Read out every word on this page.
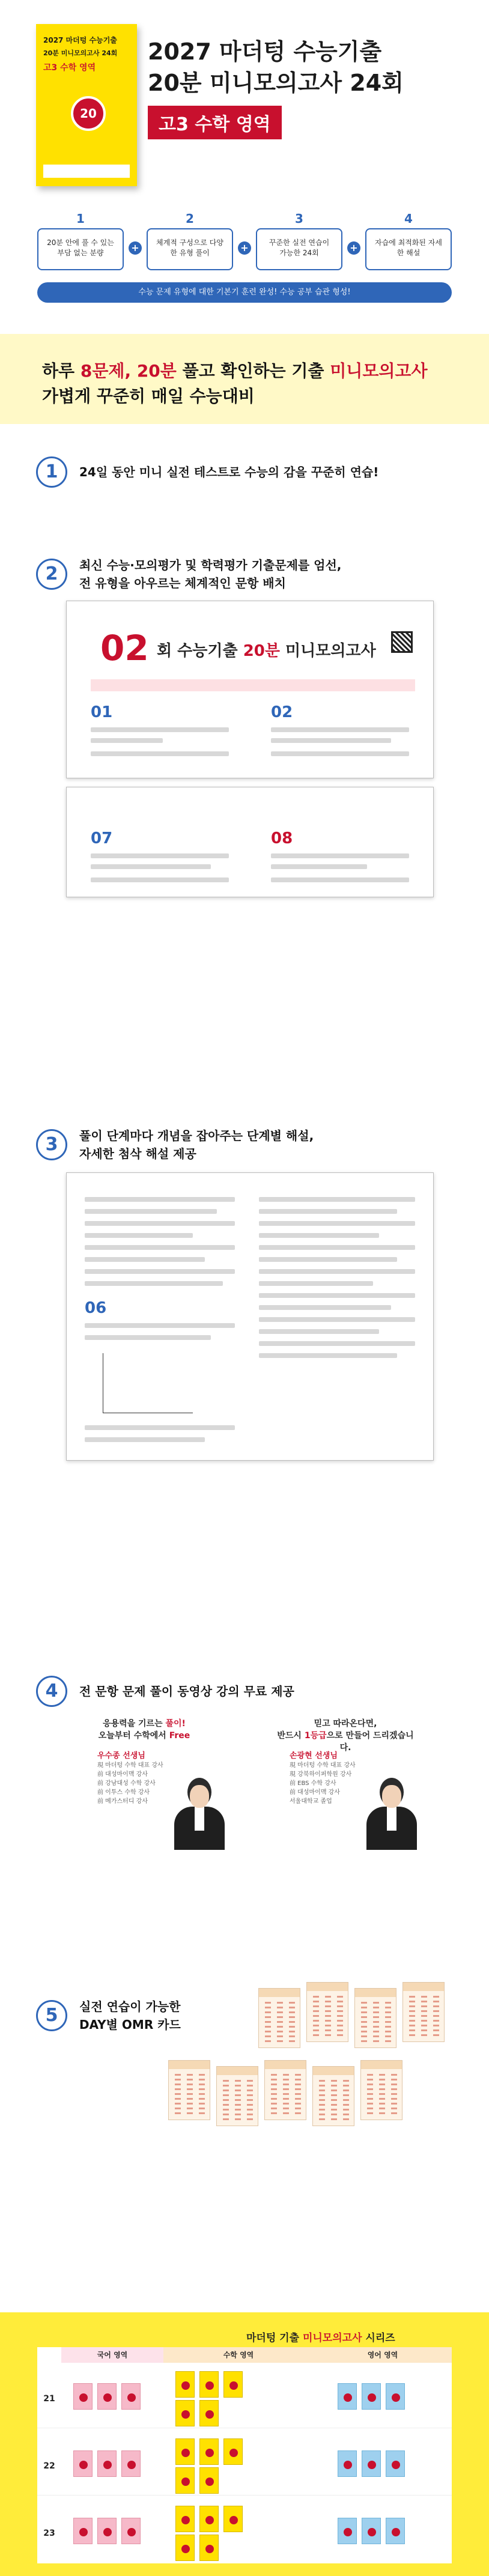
2027 마더텅 수능기출
20분 미니모의고사 24회
고3 수학 영역
20
2027 마더텅 수능기출
20분 미니모의고사 24회
고3 수학 영역
1
20분 안에 풀 수 있는 부담 없는 분량	+
2
체계적 구성으로 다양한 유형 풀이	+
3
꾸준한 실전 연습이 가능한 24회	+
4
자습에 최적화된 자세한 해설
수능 문제 유형에 대한 기본기 훈련 완성! 수능 공부 습관 형성!
하루 8문제, 20분 풀고 확인하는 기출 미니모의고사
가볍게 꾸준히 매일 수능대비
1	24일 동안 미니 실전 테스트로 수능의 감을 꾸준히 연습!
2	최신 수능·모의평가 및 학력평가 기출문제를 엄선,
전 유형을 아우르는 체계적인 문항 배치
02 회 수능기출 20분 미니모의고사
01	02
07	08
3	풀이 단계마다 개념을 잡아주는 단계별 해설,
자세한 첨삭 해설 제공
06
4	전 문항 문제 풀이 동영상 강의 무료 제공
응용력을 기르는 풀이!
오늘부터 수학에서 Free
우수종 선생님
現 마더텅 수학 대표 강사
前 대성마이맥 강사
前 강남대성 수학 강사
前 이투스 수학 강사
前 메가스터디 강사
믿고 따라온다면,
반드시 1등급으로 만들어 드리겠습니다.
손광현 선생님
現 마더텅 수학 대표 강사
現 강북하이퍼학원 강사
前 EBS 수학 강사
前 대성마이맥 강사
서울대학교 졸업
5	실전 연습이 가능한
DAY별 OMR 카드
마더텅 기출 미니모의고사 시리즈
국어 영역	수학 영역	영어 영역
21
22
23
